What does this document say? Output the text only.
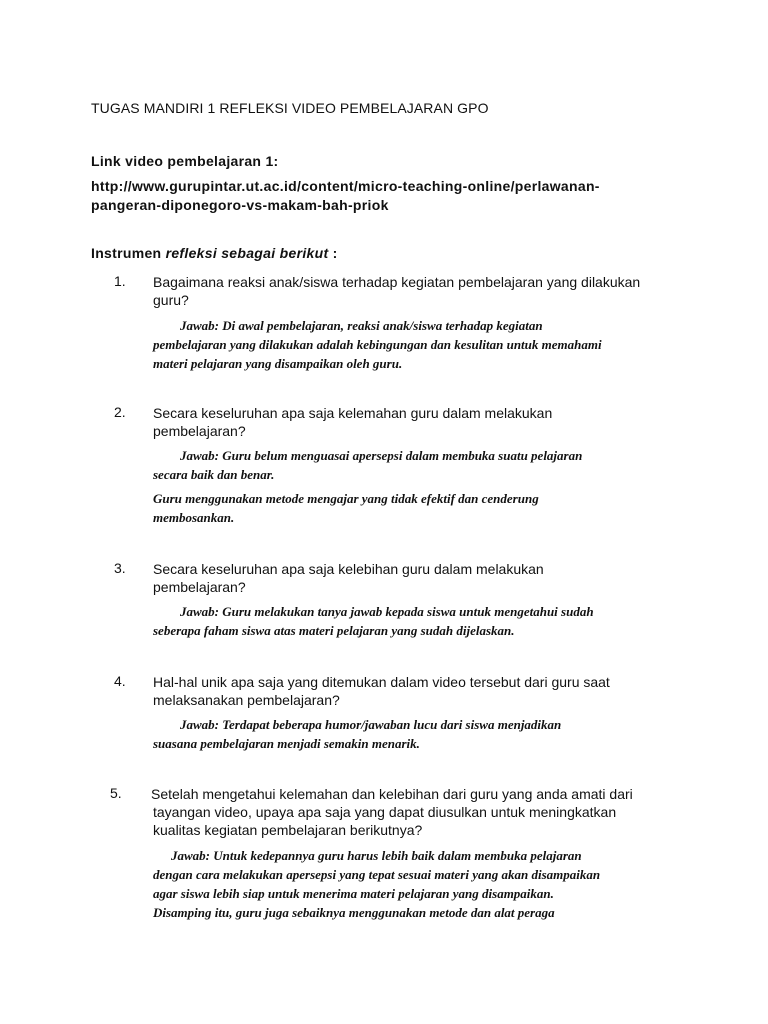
TUGAS MANDIRI 1 REFLEKSI VIDEO PEMBELAJARAN GPO
Link video pembelajaran 1:
http://www.gurupintar.ut.ac.id/content/micro-teaching-online/perlawanan-
pangeran-diponegoro-vs-makam-bah-priok
Instrumen refleksi sebagai berikut :
1. Bagaimana reaksi anak/siswa terhadap kegiatan pembelajaran yang dilakukan
guru?
Jawab: Di awal pembelajaran, reaksi anak/siswa terhadap kegiatan
pembelajaran yang dilakukan adalah kebingungan dan kesulitan untuk memahami
materi pelajaran yang disampaikan oleh guru.
2. Secara keseluruhan apa saja kelemahan guru dalam melakukan
pembelajaran?
Jawab: Guru belum menguasai apersepsi dalam membuka suatu pelajaran
secara baik dan benar.
Guru menggunakan metode mengajar yang tidak efektif dan cenderung
membosankan.
3. Secara keseluruhan apa saja kelebihan guru dalam melakukan
pembelajaran?
Jawab: Guru melakukan tanya jawab kepada siswa untuk mengetahui sudah
seberapa faham siswa atas materi pelajaran yang sudah dijelaskan.
4. Hal-hal unik apa saja yang ditemukan dalam video tersebut dari guru saat
melaksanakan pembelajaran?
Jawab: Terdapat beberapa humor/jawaban lucu dari siswa menjadikan
suasana pembelajaran menjadi semakin menarik.
5. Setelah mengetahui kelemahan dan kelebihan dari guru yang anda amati dari
tayangan video, upaya apa saja yang dapat diusulkan untuk meningkatkan
kualitas kegiatan pembelajaran berikutnya?
Jawab: Untuk kedepannya guru harus lebih baik dalam membuka pelajaran
dengan cara melakukan apersepsi yang tepat sesuai materi yang akan disampaikan
agar siswa lebih siap untuk menerima materi pelajaran yang disampaikan.
Disamping itu, guru juga sebaiknya menggunakan metode dan alat peraga
